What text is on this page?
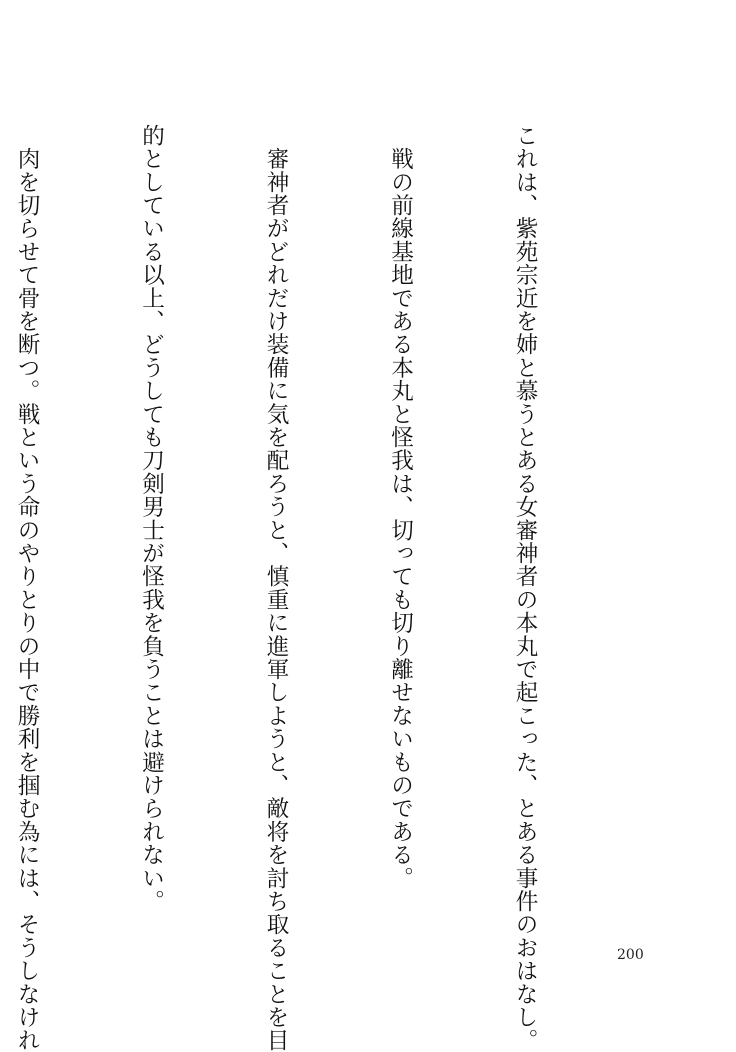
これは、紫苑宗近を姉と慕うとある女審神者の本丸で起こった、とある事件のおはなし。

　戦の前線基地である本丸と怪我は、切っても切り離せないものである。

　審神者がどれだけ装備に気を配ろうと、慎重に進軍しようと、敵将を討ち取ることを目

的としている以上、どうしても刀剣男士が怪我を負うことは避けられない。

　肉を切らせて骨を断つ。戦という命のやりとりの中で勝利を掴む為には、そうしなけれ

	200
